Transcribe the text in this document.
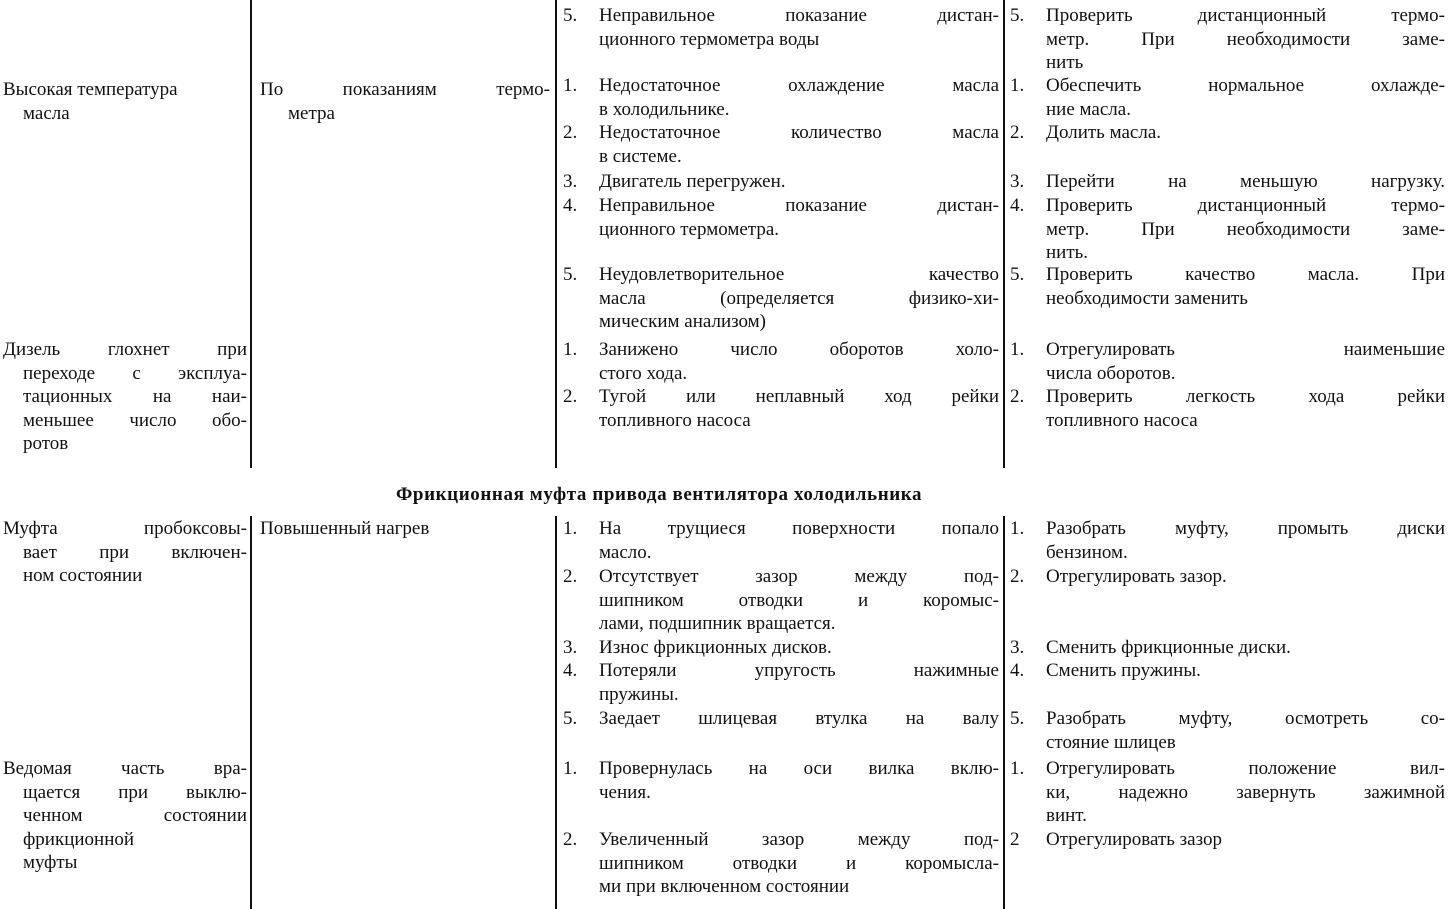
5. Неправильное показание дистан-
ционного термометра воды
5. Проверить дистанционный термо-
метр. При необходимости заме-
нить
Высокая температура
масла
По показаниям термо-
метра
1. Недостаточное охлаждение масла
в холодильнике.
2. Недостаточное количество масла
в системе.
3. Двигатель перегружен.
4. Неправильное показание дистан-
ционного термометра.
5. Неудовлетворительное качество
масла (определяется физико-хи-
мическим анализом)
1. Обеспечить нормальное охлажде-
ние масла.
2. Долить масла.
3. Перейти на меньшую нагрузку.
4. Проверить дистанционный термо-
метр. При необходимости заме-
нить.
5. Проверить качество масла. При
необходимости заменить
Дизель глохнет при
переходе с эксплуа-
тационных на наи-
меньшее число обо-
ротов
1. Занижено число оборотов холо-
стого хода.
2. Тугой или неплавный ход рейки
топливного насоса
1. Отрегулировать наименьшие
числа оборотов.
2. Проверить легкость хода рейки
топливного насоса
Фрикционная муфта привода вентилятора холодильника
Муфта пробоксовы-
вает при включен-
ном состоянии
Повышенный нагрев	1. На трущиеся поверхности попало
масло.
2. Отсутствует зазор между под-
шипником отводки и коромыс-
лами, подшипник вращается.
3. Износ фрикционных дисков.
4. Потеряли упругость нажимные
пружины.
5. Заедает шлицевая втулка на валу
1. Разобрать муфту, промыть диски
бензином.
2. Отрегулировать зазор.
3. Сменить фрикционные диски.
4. Сменить пружины.
5. Разобрать муфту, осмотреть со-
стояние шлицев
Ведомая часть вра-
щается при выклю-
ченном состоянии
фрикционной
муфты
1. Провернулась на оси вилка вклю-
чения.
2. Увеличенный зазор между под-
шипником отводки и коромысла-
ми при включенном состоянии
1. Отрегулировать положение вил-
ки, надежно завернуть зажимной
винт.
2 Отрегулировать зазор
